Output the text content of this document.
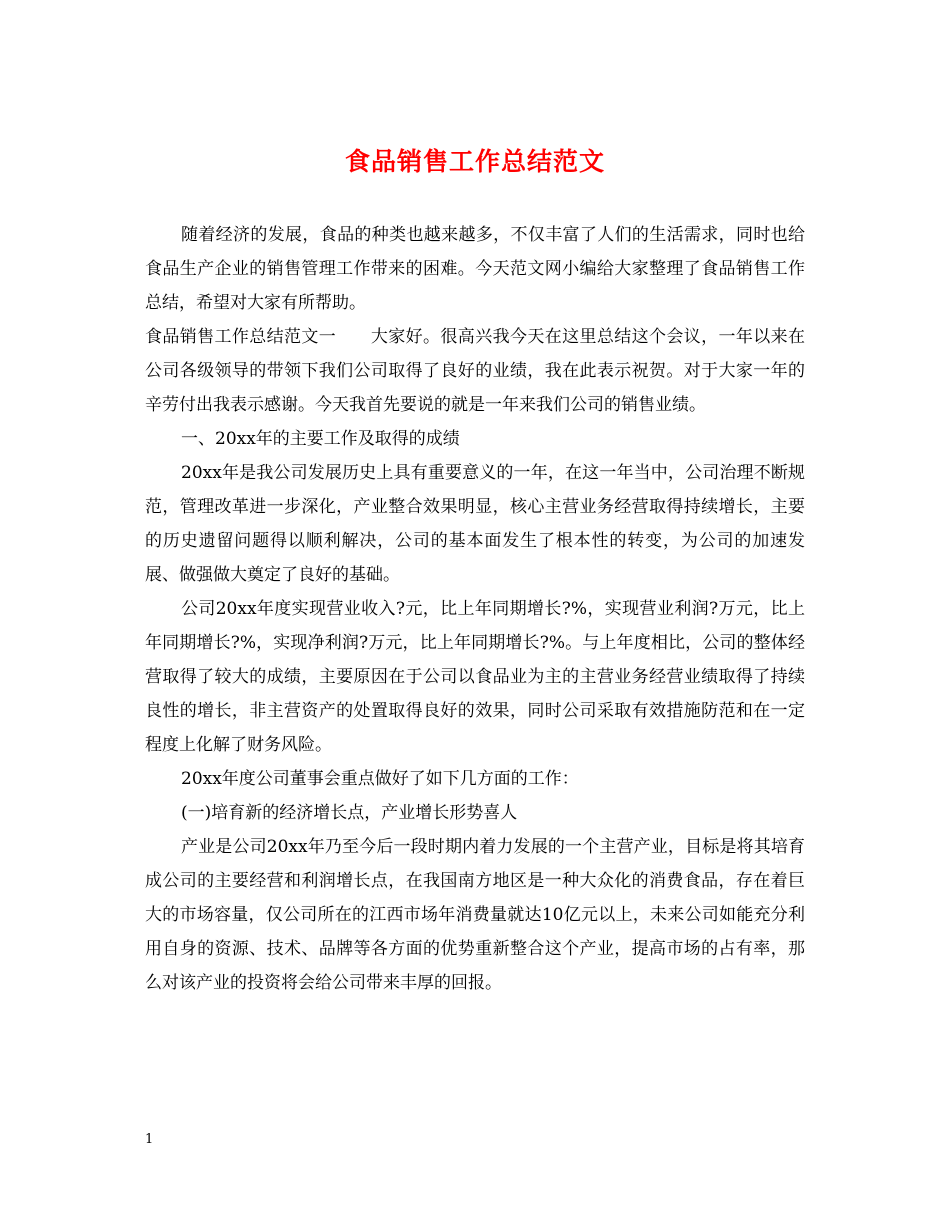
食品销售工作总结范文

随着经济的发展，食品的种类也越来越多，不仅丰富了人们的生活需求，同时也给食品生产企业的销售管理工作带来的困难。今天范文网小编给大家整理了食品销售工作总结，希望对大家有所帮助。

食品销售工作总结范文一　　大家好。很高兴我今天在这里总结这个会议，一年以来在公司各级领导的带领下我们公司取得了良好的业绩，我在此表示祝贺。对于大家一年的辛劳付出我表示感谢。今天我首先要说的就是一年来我们公司的销售业绩。

一、20xx年的主要工作及取得的成绩

20xx年是我公司发展历史上具有重要意义的一年，在这一年当中，公司治理不断规范，管理改革进一步深化，产业整合效果明显，核心主营业务经营取得持续增长，主要的历史遗留问题得以顺利解决，公司的基本面发生了根本性的转变，为公司的加速发展、做强做大奠定了良好的基础。

公司20xx年度实现营业收入?元，比上年同期增长?%，实现营业利润?万元，比上年同期增长?%，实现净利润?万元，比上年同期增长?%。与上年度相比，公司的整体经营取得了较大的成绩，主要原因在于公司以食品业为主的主营业务经营业绩取得了持续良性的增长，非主营资产的处置取得良好的效果，同时公司采取有效措施防范和在一定程度上化解了财务风险。

20xx年度公司董事会重点做好了如下几方面的工作：

(一)培育新的经济增长点，产业增长形势喜人

产业是公司20xx年乃至今后一段时期内着力发展的一个主营产业，目标是将其培育成公司的主要经营和利润增长点，在我国南方地区是一种大众化的消费食品，存在着巨大的市场容量，仅公司所在的江西市场年消费量就达10亿元以上，未来公司如能充分利用自身的资源、技术、品牌等各方面的优势重新整合这个产业，提高市场的占有率，那么对该产业的投资将会给公司带来丰厚的回报。

1
